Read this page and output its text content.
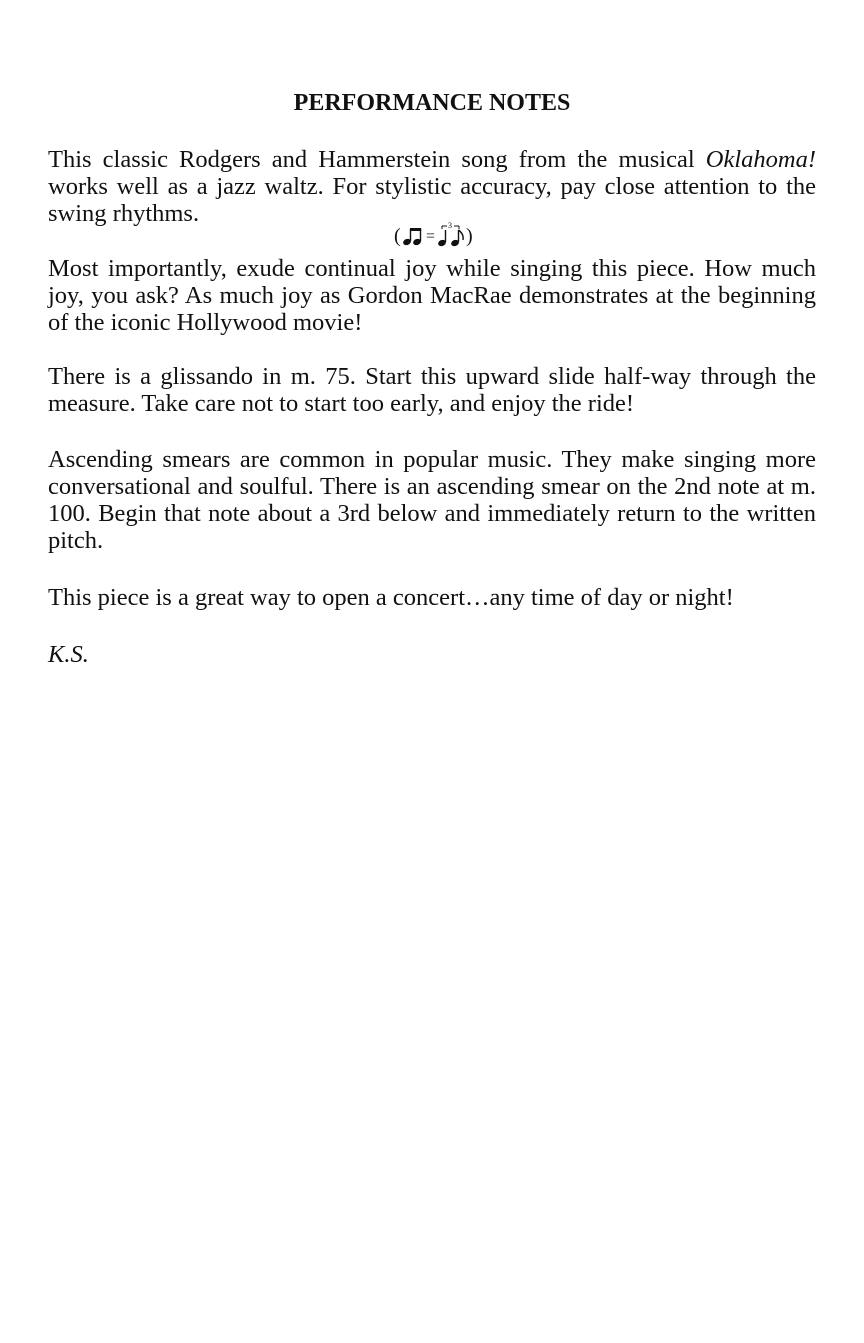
PERFORMANCE NOTES

This classic Rodgers and Hammerstein song from the musical Oklahoma! works well as a jazz waltz. For stylistic accuracy, pay close attention to the swing rhythms.

( =
3 )

Most importantly, exude continual joy while singing this piece. How much joy, you ask? As much joy as Gordon MacRae demonstrates at the beginning of the iconic Hollywood movie!

There is a glissando in m. 75. Start this upward slide half-way through the measure. Take care not to start too early, and enjoy the ride!

Ascending smears are common in popular music. They make singing more conversational and soulful. There is an ascending smear on the 2nd note at m. 100. Begin that note about a 3rd below and immediately return to the written pitch.

This piece is a great way to open a concert…any time of day or night!

K.S.
